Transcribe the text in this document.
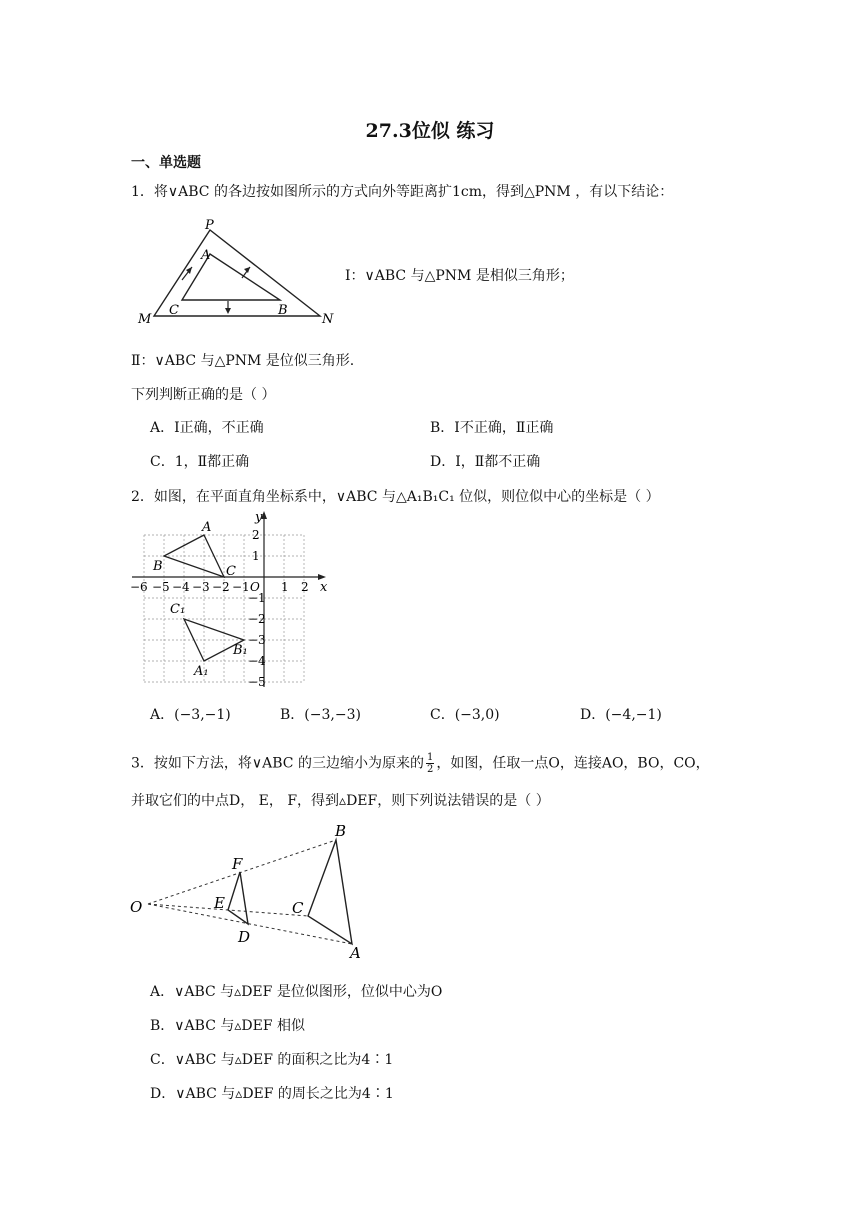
27.3位似 练习
一、单选题
1．将∨ABC 的各边按如图所示的方式向外等距离扩1cm，得到△PNM ，有以下结论：
P
A
C	B
M	N
Ⅰ：∨ABC 与△PNM 是相似三角形；
Ⅱ：∨ABC 与△PNM 是位似三角形.
下列判断正确的是（ ）
A．Ⅰ正确，不正确	B．Ⅰ不正确，Ⅱ正确
C．1，Ⅱ都正确	D．Ⅰ，Ⅱ都不正确
2．如图，在平面直角坐标系中，∨ABC 与△A₁B₁C₁ 位似，则位似中心的坐标是（ ）
x
y
−6 −5 −4 −3 −2 −1 O 1 2
2
1
−1
−2
−3
−4
−5
A
B	C
C₁
B₁
A₁
A．(−3,−1)	B．(−3,−3)	C．(−3,0)	D．(−4,−1)
3．按如下方法，将∨ABC 的三边缩小为原来的 $\frac{1}{2}$ ，如图，任取一点O，连接AO，BO，CO，
并取它们的中点D， E， F，得到▵DEF，则下列说法错误的是（ ）
O
F
E
D
B
C
A
A．∨ABC 与▵DEF 是位似图形，位似中心为O
B．∨ABC 与▵DEF 相似
C．∨ABC 与▵DEF 的面积之比为4∶1
D．∨ABC 与▵DEF 的周长之比为4∶1
